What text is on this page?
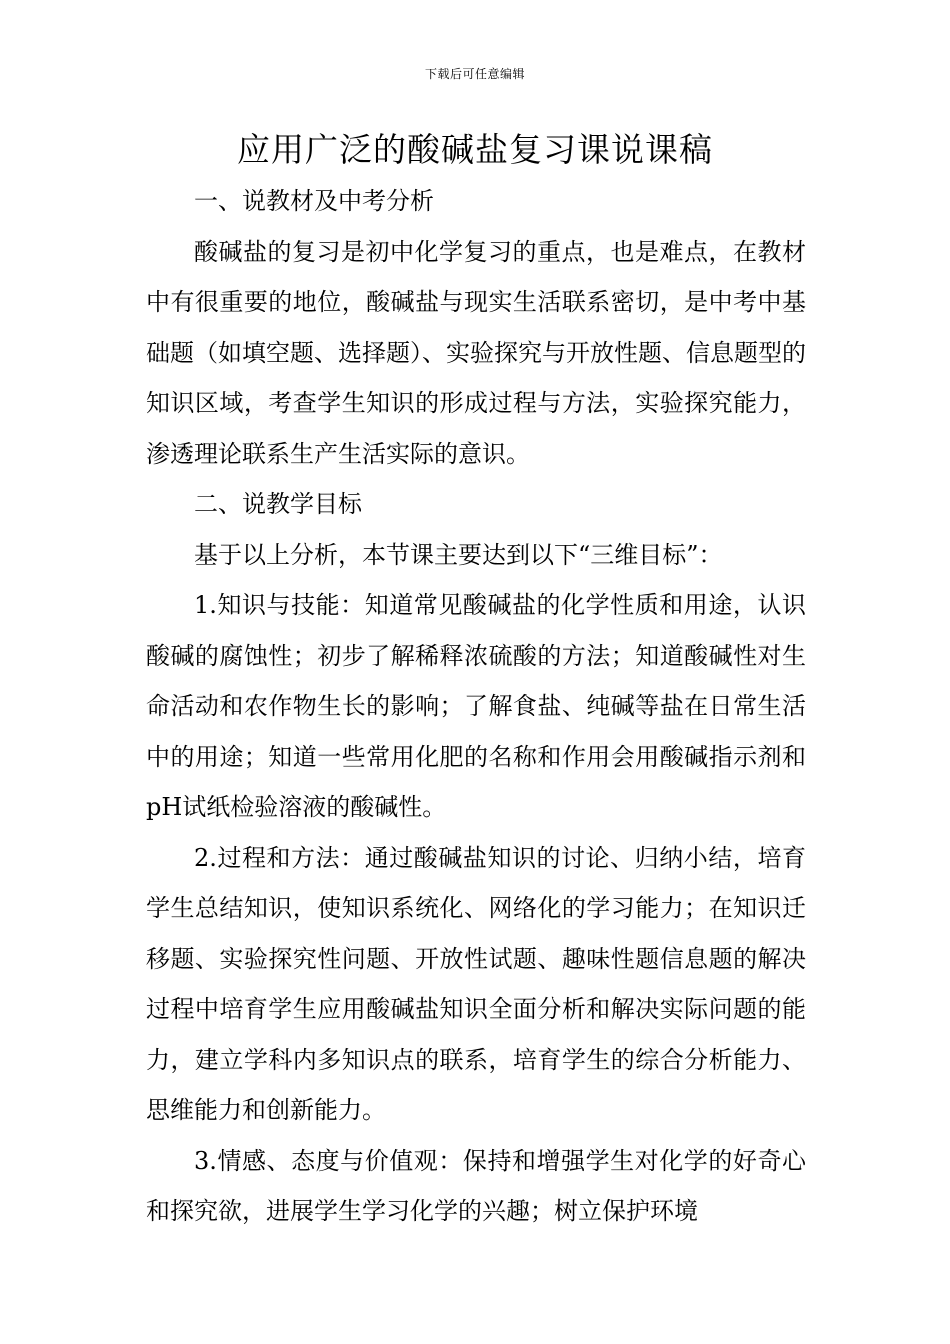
下载后可任意编辑
应用广泛的酸碱盐复习课说课稿

一、说教材及中考分析

酸碱盐的复习是初中化学复习的重点，也是难点，在教材中有很重要的地位，酸碱盐与现实生活联系密切，是中考中基础题（如填空题、选择题）、实验探究与开放性题、信息题型的知识区域，考查学生知识的形成过程与方法，实验探究能力，渗透理论联系生产生活实际的意识。

二、说教学目标

基于以上分析，本节课主要达到以下“三维目标”：

1.知识与技能：知道常见酸碱盐的化学性质和用途，认识酸碱的腐蚀性；初步了解稀释浓硫酸的方法；知道酸碱性对生命活动和农作物生长的影响；了解食盐、纯碱等盐在日常生活中的用途；知道一些常用化肥的名称和作用会用酸碱指示剂和pH试纸检验溶液的酸碱性。

2.过程和方法：通过酸碱盐知识的讨论、归纳小结，培育学生总结知识，使知识系统化、网络化的学习能力；在知识迁移题、实验探究性问题、开放性试题、趣味性题信息题的解决过程中培育学生应用酸碱盐知识全面分析和解决实际问题的能力，建立学科内多知识点的联系，培育学生的综合分析能力、思维能力和创新能力。

3.情感、态度与价值观：保持和增强学生对化学的好奇心和探究欲，进展学生学习化学的兴趣；树立保护环境
